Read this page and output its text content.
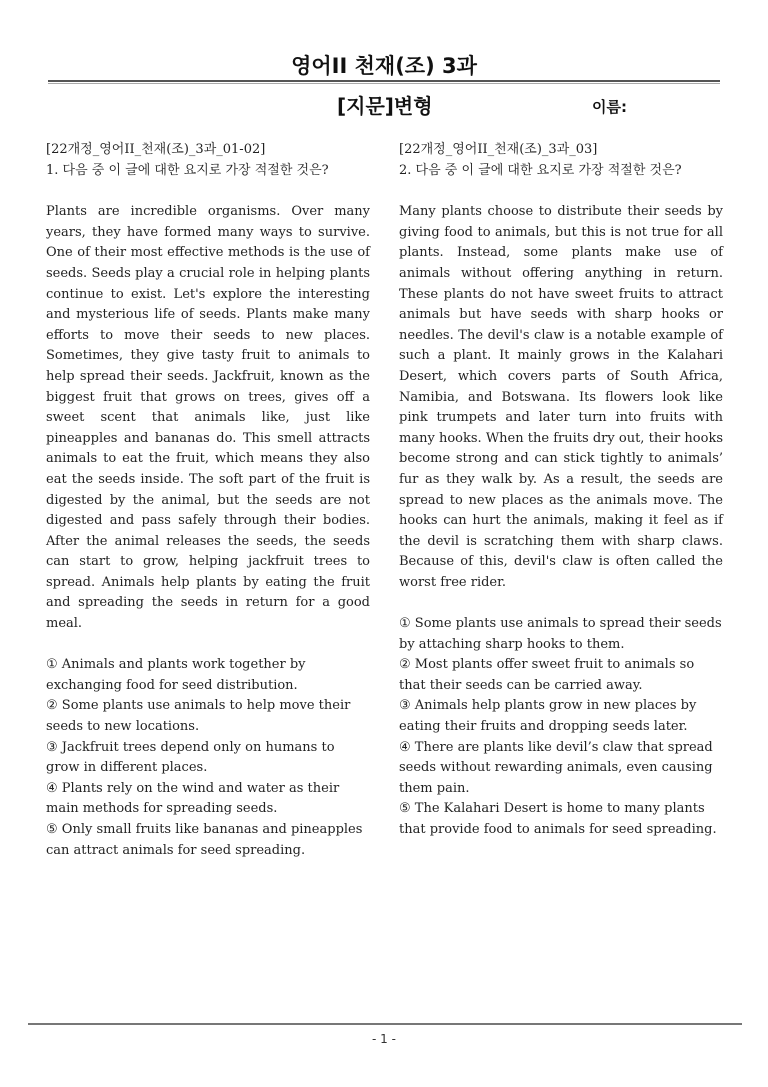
영어II 천재(조) 3과
[지문]변형	이름:
[22개정_영어II_천재(조)_3과_01-02]
1. 다음 중 이 글에 대한 요지로 가장 적절한 것은?
Plants are incredible organisms. Over many years, they have formed many ways to survive. One of their most effective methods is the use of seeds. Seeds play a crucial role in helping plants continue to exist. Let's explore the interesting and mysterious life of seeds. Plants make many efforts to move their seeds to new places. Sometimes, they give tasty fruit to animals to help spread their seeds. Jackfruit, known as the biggest fruit that grows on trees, gives off a sweet scent that animals like, just like pineapples and bananas do. This smell attracts animals to eat the fruit, which means they also eat the seeds inside. The soft part of the fruit is digested by the animal, but the seeds are not digested and pass safely through their bodies. After the animal releases the seeds, the seeds can start to grow, helping jackfruit trees to spread. Animals help plants by eating the fruit and spreading the seeds in return for a good meal.
① Animals and plants work together by exchanging food for seed distribution.
② Some plants use animals to help move their seeds to new locations.
③ Jackfruit trees depend only on humans to grow in different places.
④ Plants rely on the wind and water as their main methods for spreading seeds.
⑤ Only small fruits like bananas and pineapples can attract animals for seed spreading.
[22개정_영어II_천재(조)_3과_03]
2. 다음 중 이 글에 대한 요지로 가장 적절한 것은?
Many plants choose to distribute their seeds by giving food to animals, but this is not true for all plants. Instead, some plants make use of animals without offering anything in return. These plants do not have sweet fruits to attract animals but have seeds with sharp hooks or needles. The devil's claw is a notable example of such a plant. It mainly grows in the Kalahari Desert, which covers parts of South Africa, Namibia, and Botswana. Its flowers look like pink trumpets and later turn into fruits with many hooks. When the fruits dry out, their hooks become strong and can stick tightly to animals’ fur as they walk by. As a result, the seeds are spread to new places as the animals move. The hooks can hurt the animals, making it feel as if the devil is scratching them with sharp claws. Because of this, devil's claw is often called the worst free rider.
① Some plants use animals to spread their seeds by attaching sharp hooks to them.
② Most plants offer sweet fruit to animals so that their seeds can be carried away.
③ Animals help plants grow in new places by eating their fruits and dropping seeds later.
④ There are plants like devil’s claw that spread seeds without rewarding animals, even causing them pain.
⑤ The Kalahari Desert is home to many plants that provide food to animals for seed spreading.
- 1 -
